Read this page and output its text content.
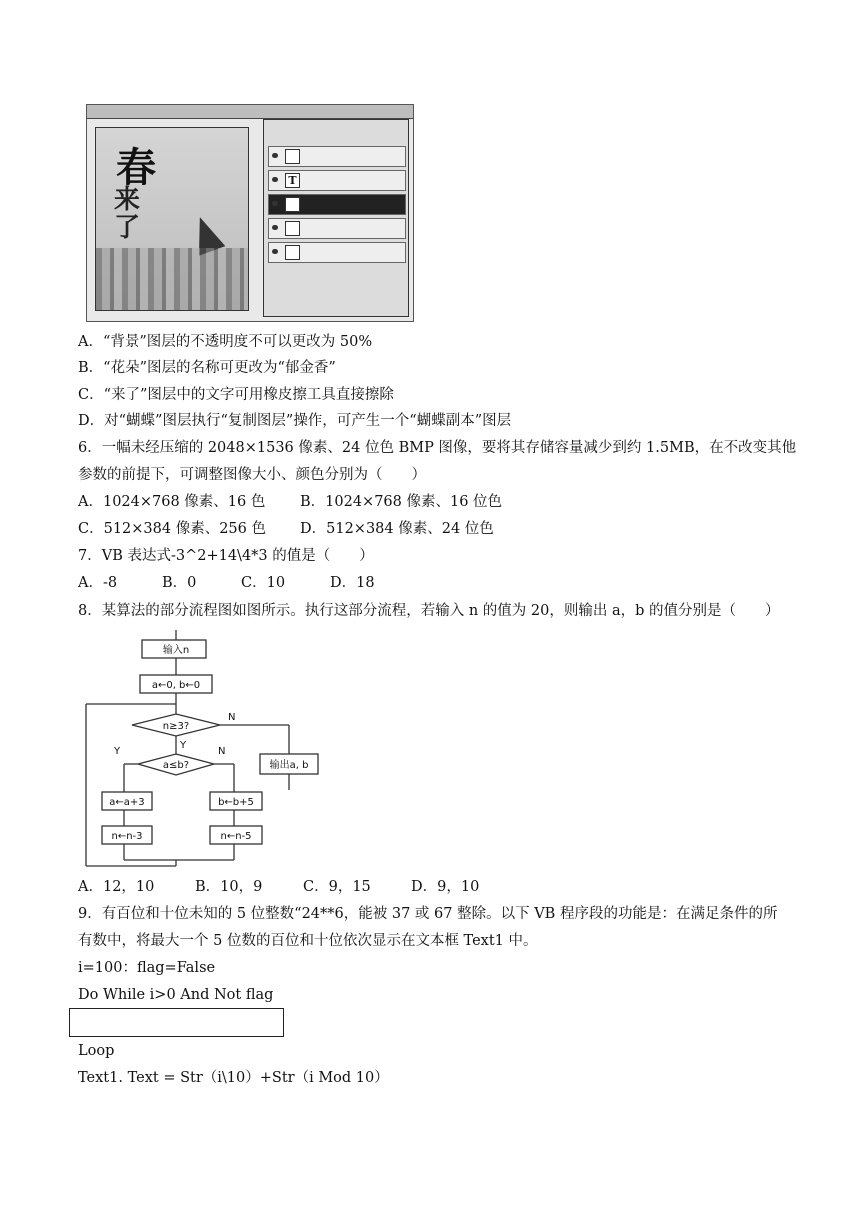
春
来了
T
A．“背景”图层的不透明度不可以更改为 50%
B．“花朵”图层的名称可更改为“郁金香”
C．“来了”图层中的文字可用橡皮擦工具直接擦除
D．对“蝴蝶”图层执行“复制图层”操作，可产生一个“蝴蝶副本”图层
6．一幅未经压缩的 2048×1536 像素、24 位色 BMP 图像，要将其存储容量减少到约 1.5MB，在不改变其他
参数的前提下，可调整图像大小、颜色分别为（　　）
A．1024×768 像素、16 色 B．1024×768 像素、16 位色
C．512×384 像素、256 色 D．512×384 像素、24 位色
7．VB 表达式-3^2+14\4*3 的值是（　　）
A．-8	B．0	C．10	D．18
8．某算法的部分流程图如图所示。执行这部分流程，若输入 n 的值为 20，则输出 a，b 的值分别是（　　）
输入n
a←0, b←0
n≥3?
a≤b?	输出a, b
a←a+3
n←n-3
b←b+5
n←n-5
N
Y
Y	N
A．12，10	B．10，9	C．9，15	D．9，10
9．有百位和十位未知的 5 位整数“24**6，能被 37 或 67 整除。以下 VB 程序段的功能是：在满足条件的所
有数中，将最大一个 5 位数的百位和十位依次显示在文本框 Text1 中。
i=100：flag=False
Do While i>0 And Not flag
Loop
Text1. Text = Str（i\10）+Str（i Mod 10）
